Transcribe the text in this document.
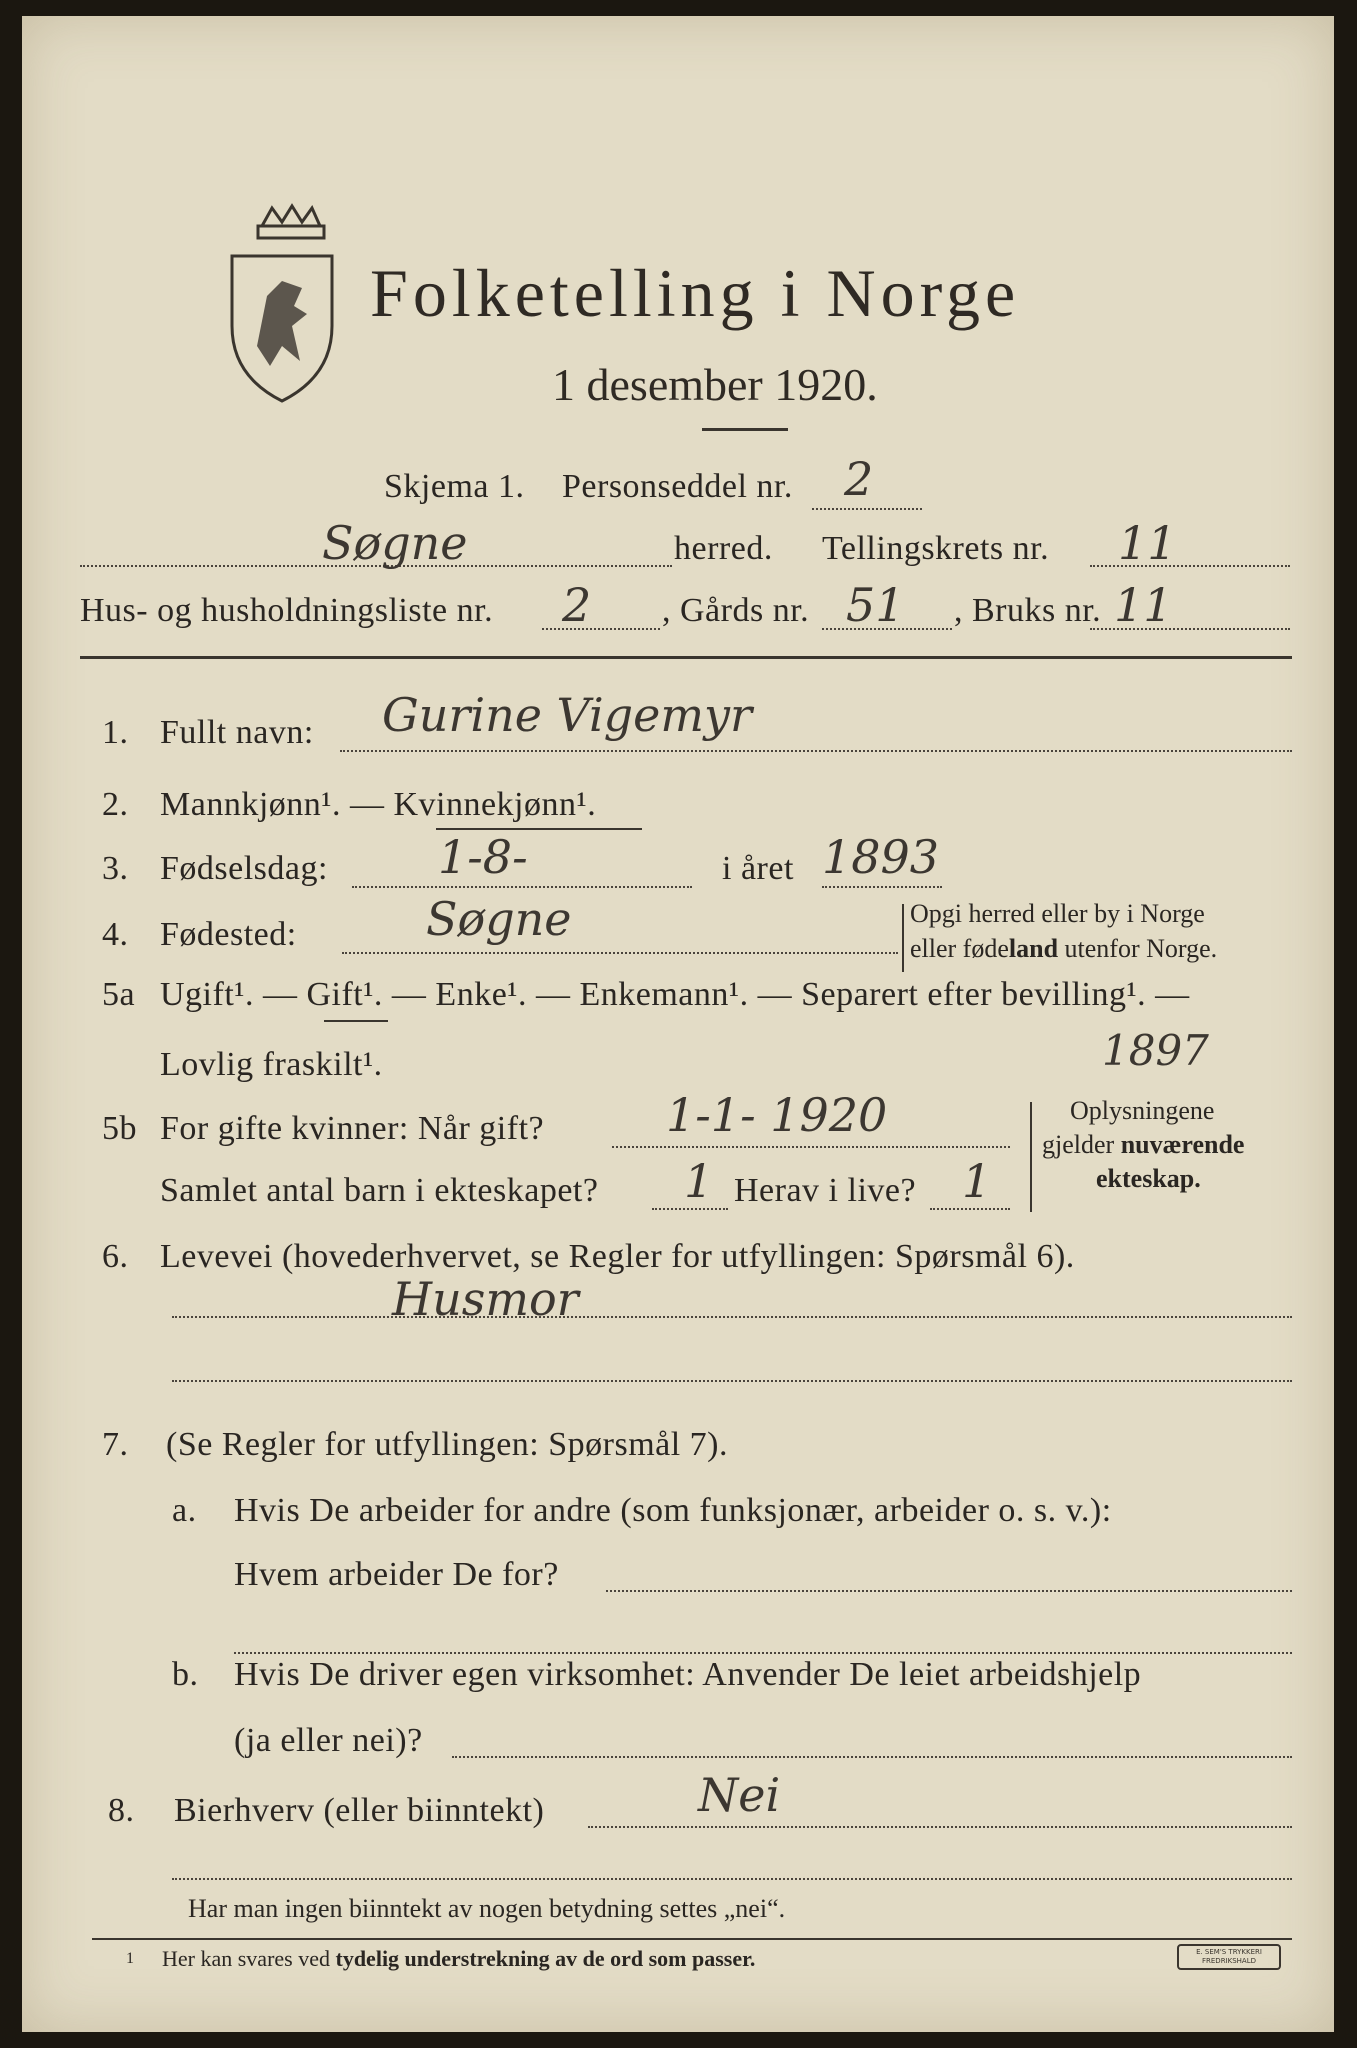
Folketelling i Norge
1 desember 1920.
Skjema 1. Personseddel nr. 2
Søgne	herred. Tellingskrets nr. 11
Hus- og husholdningsliste nr. 2 , Gårds nr. 51 , Bruks nr. 11
1. Fullt navn: Gurine Vigemyr
2. Mannkjønn¹. — Kvinnekjønn¹.
3. Fødselsdag: 1-8-	i året 1893
4. Fødested:	Søgne	Opgi herred eller by i Norge
eller fødeland utenfor Norge.
5a Ugift¹. — Gift¹. — Enke¹. — Enkemann¹. — Separert efter bevilling¹. —
Lovlig fraskilt¹.	1897
5b For gifte kvinner: Når gift?	1-1- 1920
Samlet antal barn i ekteskapet? 1 Herav i live? 1
Oplysningene
gjelder nuværende
ekteskap.
6. Levevei (hovederhvervet, se Regler for utfyllingen: Spørsmål 6).
Husmor
7. (Se Regler for utfyllingen: Spørsmål 7).
a. Hvis De arbeider for andre (som funksjonær, arbeider o. s. v.):
Hvem arbeider De for?
b. Hvis De driver egen virksomhet: Anvender De leiet arbeidshjelp
(ja eller nei)?
8. Bierhverv (eller biinntekt)	Nei
Har man ingen biinntekt av nogen betydning settes „nei“.
1 Her kan svares ved tydelig understrekning av de ord som passer.	E. SEM'S TRYKKERI FREDRIKSHALD
